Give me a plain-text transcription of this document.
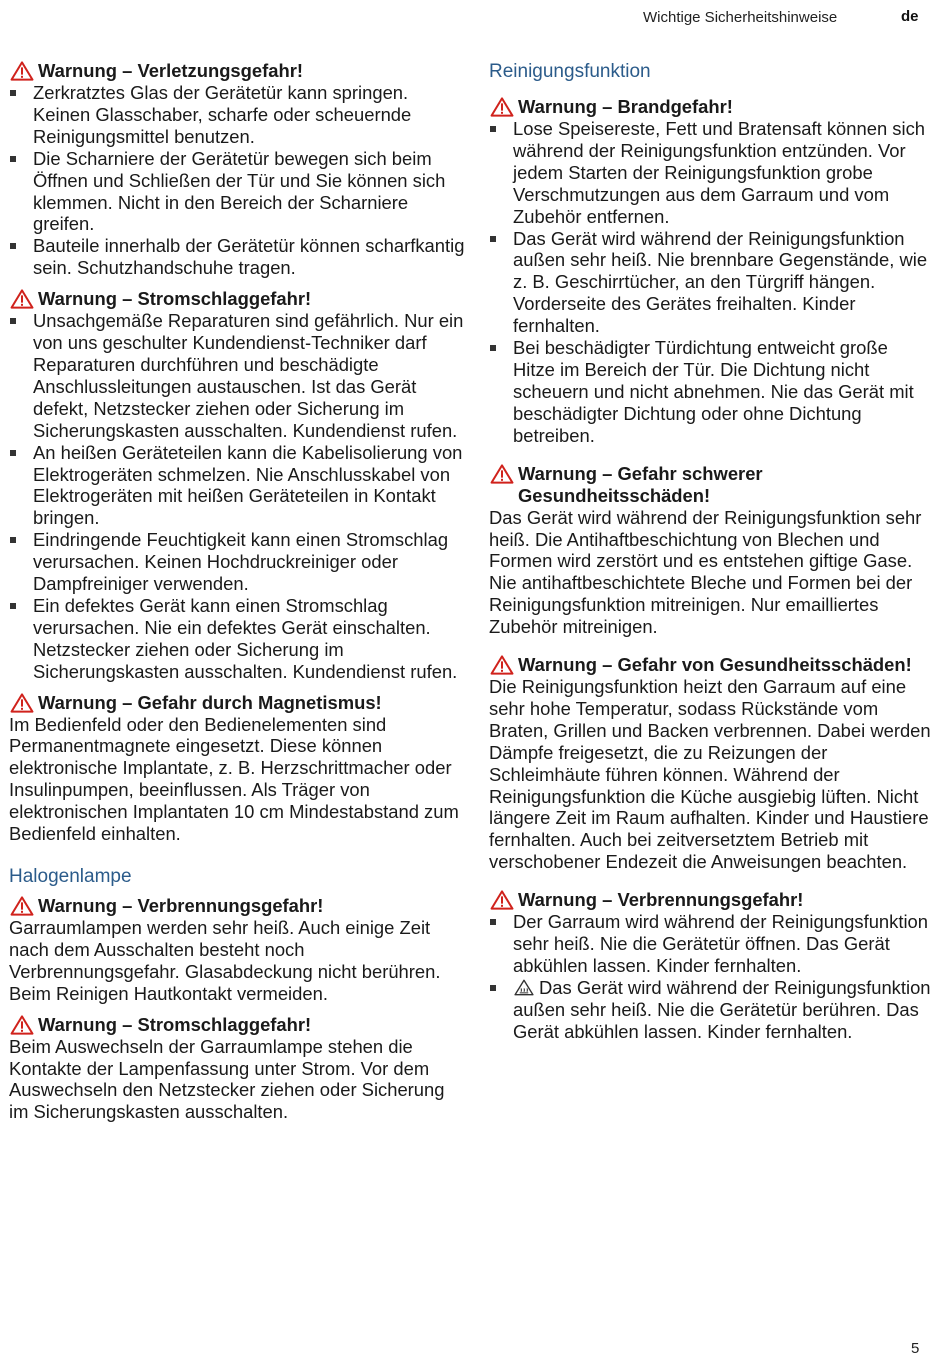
Wichtige Sicherheitshinweise	de
Warnung – Verletzungsgefahr!
Zerkratztes Glas der Gerätetür kann springen. Keinen Glasschaber, scharfe oder scheuernde Reinigungsmittel benutzen.
Die Scharniere der Gerätetür bewegen sich beim Öffnen und Schließen der Tür und Sie können sich klemmen. Nicht in den Bereich der Scharniere greifen.
Bauteile innerhalb der Gerätetür können scharfkantig sein. Schutzhandschuhe tragen.
Warnung – Stromschlaggefahr!
Unsachgemäße Reparaturen sind gefährlich. Nur ein von uns geschulter Kundendienst-Techniker darf Reparaturen durchführen und beschädigte Anschlussleitungen austauschen. Ist das Gerät defekt, Netzstecker ziehen oder Sicherung im Sicherungskasten ausschalten. Kundendienst rufen.
An heißen Geräteteilen kann die Kabelisolierung von Elektrogeräten schmelzen. Nie Anschlusskabel von Elektrogeräten mit heißen Geräteteilen in Kontakt bringen.
Eindringende Feuchtigkeit kann einen Stromschlag verursachen. Keinen Hochdruckreiniger oder Dampfreiniger verwenden.
Ein defektes Gerät kann einen Stromschlag verursachen. Nie ein defektes Gerät einschalten. Netzstecker ziehen oder Sicherung im Sicherungskasten ausschalten. Kundendienst rufen.
Warnung – Gefahr durch Magnetismus!

Im Bedienfeld oder den Bedienelementen sind Permanentmagnete eingesetzt. Diese können elektronische Implantate, z. B. Herzschrittmacher oder Insulinpumpen, beeinflussen. Als Träger von elektronischen Implantaten 10 cm Mindestabstand zum Bedienfeld einhalten.

Halogenlampe
Warnung – Verbrennungsgefahr!

Garraumlampen werden sehr heiß. Auch einige Zeit nach dem Ausschalten besteht noch Verbrennungsgefahr. Glasabdeckung nicht berühren. Beim Reinigen Hautkontakt vermeiden.

Warnung – Stromschlaggefahr!

Beim Auswechseln der Garraumlampe stehen die Kontakte der Lampenfassung unter Strom. Vor dem Auswechseln den Netzstecker ziehen oder Sicherung im Sicherungskasten ausschalten.

Reinigungsfunktion
Warnung – Brandgefahr!
Lose Speisereste, Fett und Bratensaft können sich während der Reinigungsfunktion entzünden. Vor jedem Starten der Reinigungsfunktion grobe Verschmutzungen aus dem Garraum und vom Zubehör entfernen.
Das Gerät wird während der Reinigungsfunktion außen sehr heiß. Nie brennbare Gegenstände, wie z. B. Geschirrtücher, an den Türgriff hängen. Vorderseite des Gerätes freihalten. Kinder fernhalten.
Bei beschädigter Türdichtung entweicht große Hitze im Bereich der Tür. Die Dichtung nicht scheuern und nicht abnehmen. Nie das Gerät mit beschädigter Dichtung oder ohne Dichtung betreiben.
Warnung – Gefahr schwerer Gesundheitsschäden!

Das Gerät wird während der Reinigungsfunktion sehr heiß. Die Antihaftbeschichtung von Blechen und Formen wird zerstört und es entstehen giftige Gase. Nie antihaftbeschichtete Bleche und Formen bei der Reinigungsfunktion mitreinigen. Nur emailliertes Zubehör mitreinigen.

Warnung – Gefahr von Gesundheitsschäden!

Die Reinigungsfunktion heizt den Garraum auf eine sehr hohe Temperatur, sodass Rückstände vom Braten, Grillen und Backen verbrennen. Dabei werden Dämpfe freigesetzt, die zu Reizungen der Schleimhäute führen können. Während der Reinigungsfunktion die Küche ausgiebig lüften. Nicht längere Zeit im Raum aufhalten. Kinder und Haustiere fernhalten. Auch bei zeitversetztem Betrieb mit verschobener Endezeit die Anweisungen beachten.

Warnung – Verbrennungsgefahr!
Der Garraum wird während der Reinigungsfunktion sehr heiß. Nie die Gerätetür öffnen. Das Gerät abkühlen lassen. Kinder fernhalten.
Das Gerät wird während der Reinigungsfunktion außen sehr heiß. Nie die Gerätetür berühren. Das Gerät abkühlen lassen. Kinder fernhalten.
5
